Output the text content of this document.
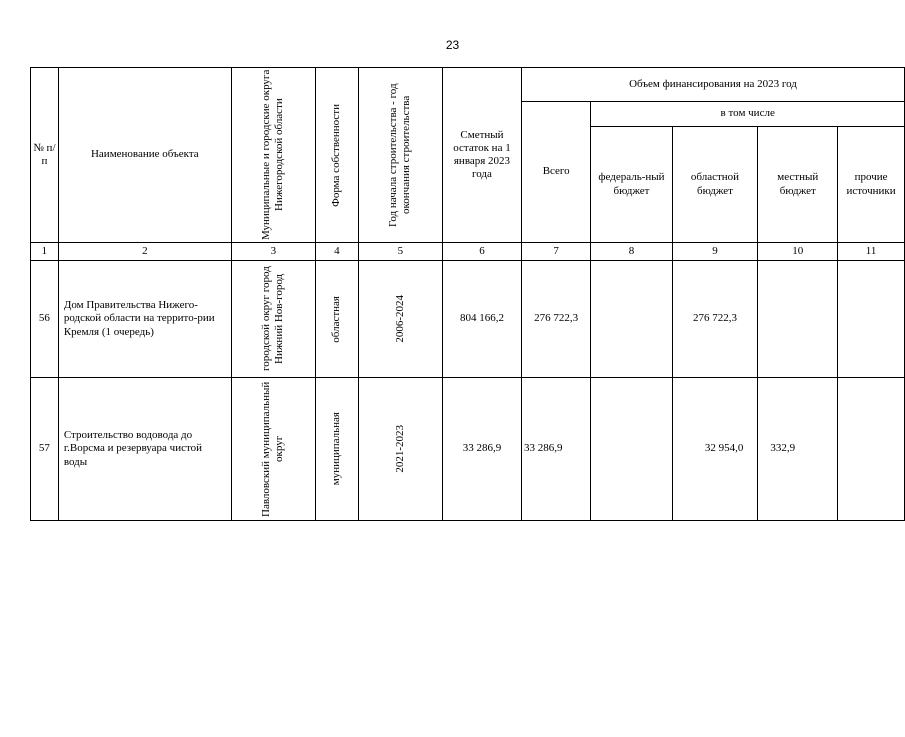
23
№ п/п	Наименование объекта	Муниципальные и городские округа Нижегородской области	Форма собственности	Год начала строительства - год окончания строительства	Сметный остаток на 1 января 2023 года	Объем финансирования на 2023 год				
						Всего	в том числе			
							федераль-ный бюджет	областной бюджет	местный бюджет	прочие источники
1	2	3	4	5	6	7	8	9	10	11
56	Дом Правительства Нижего-родской области на террито-рии Кремля (1 очередь)	городской округ город Нижний Нов-город	областная	2006-2024	804 166,2	276 722,3		276 722,3		
57	Строительство водовода до г.Ворсма и резервуара чистой воды	Павловский муниципальный округ	муниципальная	2021-2023	33 286,9	33 286,9		32 954,0	332,9	
